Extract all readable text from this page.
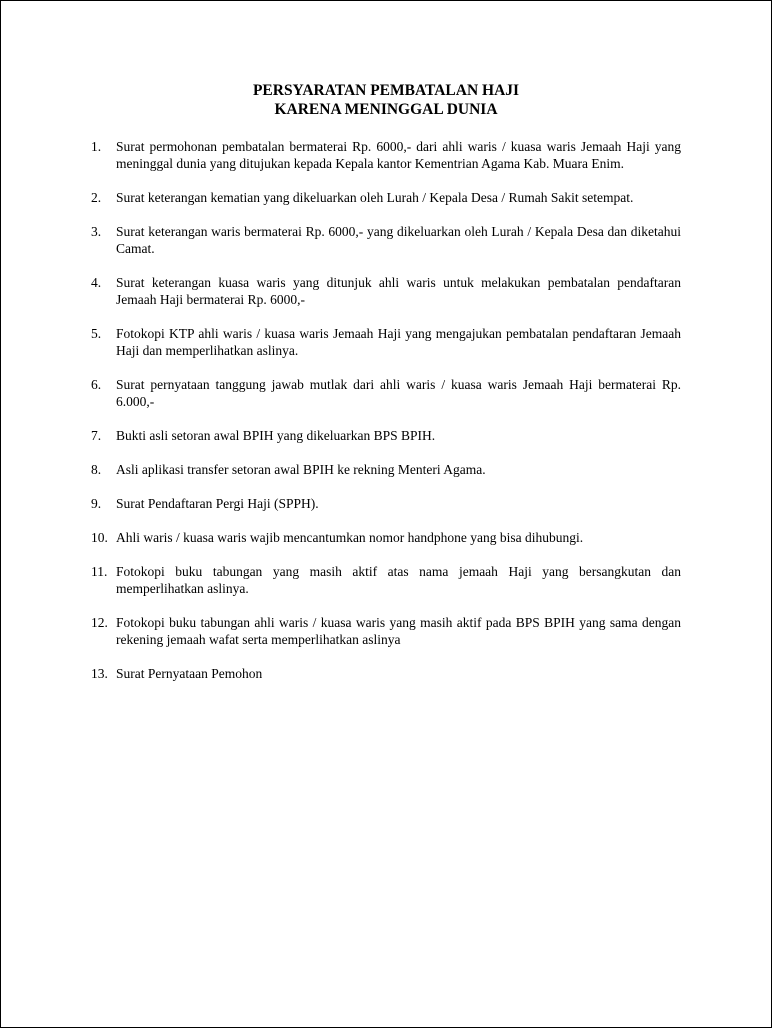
PERSYARATAN PEMBATALAN HAJI
KARENA MENINGGAL DUNIA
1.	Surat permohonan pembatalan bermaterai Rp. 6000,- dari ahli waris / kuasa waris Jemaah Haji yang meninggal dunia yang ditujukan kepada Kepala kantor Kementrian Agama Kab. Muara Enim.
2.	Surat keterangan kematian yang dikeluarkan oleh Lurah / Kepala Desa / Rumah Sakit setempat.
3.	Surat keterangan waris bermaterai Rp. 6000,- yang dikeluarkan oleh Lurah / Kepala Desa dan diketahui Camat.
4.	Surat keterangan kuasa waris yang ditunjuk ahli waris untuk melakukan pembatalan pendaftaran Jemaah Haji bermaterai Rp. 6000,-
5.	Fotokopi KTP ahli waris / kuasa waris Jemaah Haji yang mengajukan pembatalan pendaftaran Jemaah Haji dan memperlihatkan aslinya.
6.	Surat pernyataan tanggung jawab mutlak dari ahli waris / kuasa waris Jemaah Haji bermaterai Rp. 6.000,-
7.	Bukti asli setoran awal BPIH yang dikeluarkan BPS BPIH.
8.	Asli aplikasi transfer setoran awal BPIH ke rekning Menteri Agama.
9.	Surat Pendaftaran Pergi Haji (SPPH).
10. Ahli waris / kuasa waris wajib mencantumkan nomor handphone yang bisa dihubungi.
11. Fotokopi buku tabungan yang masih aktif atas nama jemaah Haji yang bersangkutan dan memperlihatkan aslinya.
12. Fotokopi buku tabungan ahli waris / kuasa waris yang masih aktif pada BPS BPIH yang sama dengan rekening jemaah wafat serta memperlihatkan aslinya
13. Surat Pernyataan Pemohon
